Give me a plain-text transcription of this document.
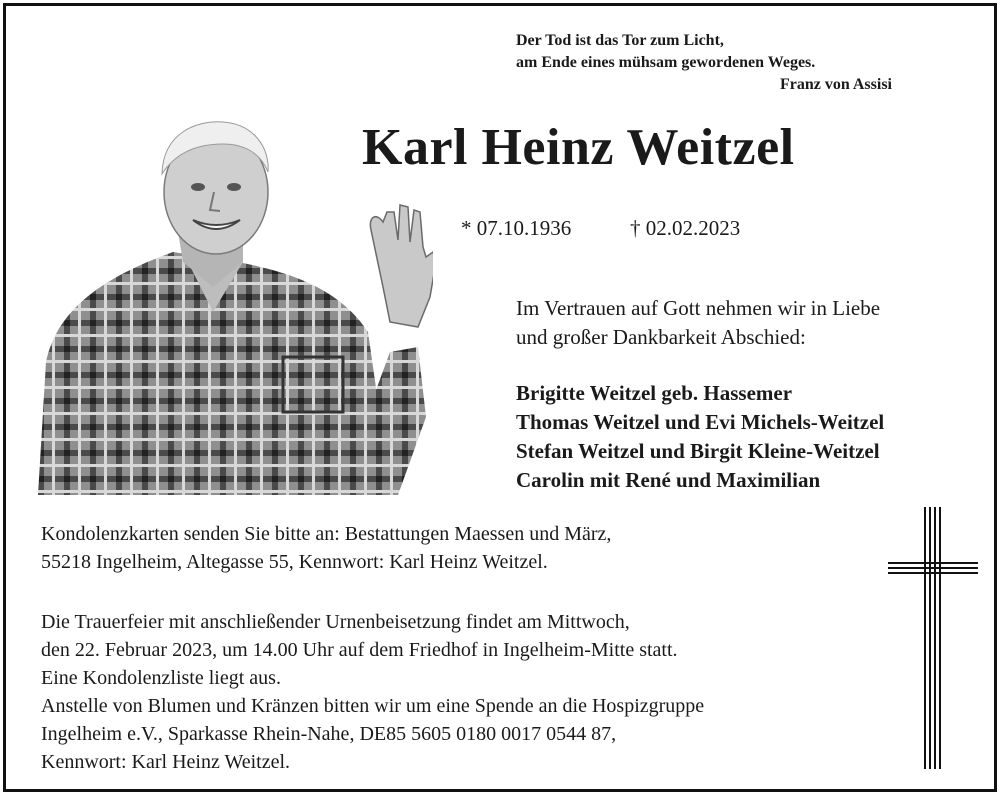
Der Tod ist das Tor zum Licht,
am Ende eines mühsam gewordenen Weges.
Franz von Assisi
Karl Heinz Weitzel
* 07.10.1936	† 02.02.2023
Im Vertrauen auf Gott nehmen wir in Liebe
und großer Dankbarkeit Abschied:
Brigitte Weitzel geb. Hassemer
Thomas Weitzel und Evi Michels-Weitzel
Stefan Weitzel und Birgit Kleine-Weitzel
Carolin mit René und Maximilian
Kondolenzkarten senden Sie bitte an: Bestattungen Maessen und März,
55218 Ingelheim, Altegasse 55, Kennwort: Karl Heinz Weitzel.
Die Trauerfeier mit anschließender Urnenbeisetzung findet am Mittwoch,
den 22. Februar 2023, um 14.00 Uhr auf dem Friedhof in Ingelheim-Mitte statt.
Eine Kondolenzliste liegt aus.
Anstelle von Blumen und Kränzen bitten wir um eine Spende an die Hospizgruppe
Ingelheim e.V., Sparkasse Rhein-Nahe, DE85 5605 0180 0017 0544 87,
Kennwort: Karl Heinz Weitzel.
